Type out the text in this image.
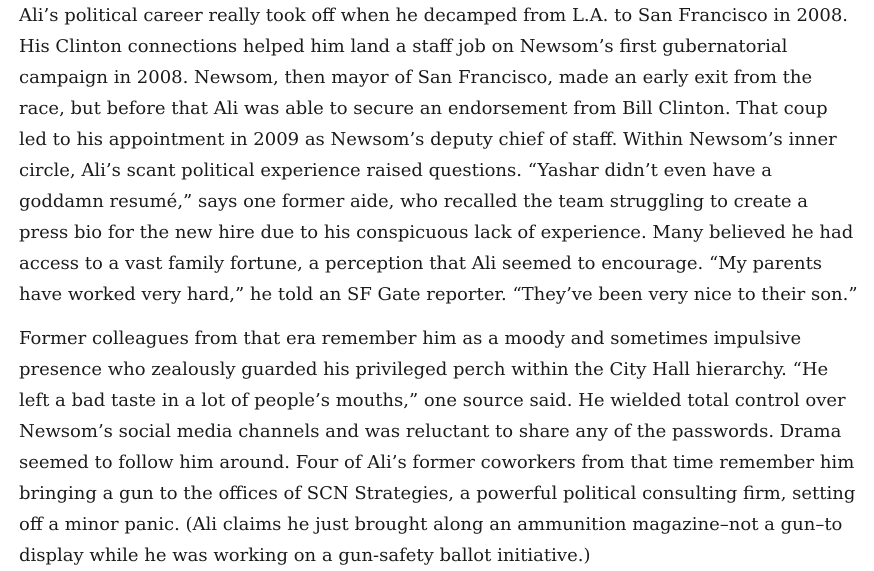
Ali’s political career really took off when he decamped from L.A. to San Francisco in 2008. His Clinton connections helped him land a staff job on Newsom’s first gubernatorial campaign in 2008. Newsom, then mayor of San Francisco, made an early exit from the race, but before that Ali was able to secure an endorsement from Bill Clinton. That coup led to his appointment in 2009 as Newsom’s deputy chief of staff. Within Newsom’s inner circle, Ali’s scant political experience raised questions. “Yashar didn’t even have a goddamn resumé,” says one former aide, who recalled the team struggling to create a press bio for the new hire due to his conspicuous lack of experience. Many believed he had access to a vast family fortune, a perception that Ali seemed to encourage. “My parents have worked very hard,” he told an SF Gate reporter. “They’ve been very nice to their son.”

Former colleagues from that era remember him as a moody and sometimes impulsive presence who zealously guarded his privileged perch within the City Hall hierarchy. “He left a bad taste in a lot of people’s mouths,” one source said. He wielded total control over Newsom’s social media channels and was reluctant to share any of the passwords. Drama seemed to follow him around. Four of Ali’s former coworkers from that time remember him bringing a gun to the offices of SCN Strategies, a powerful political consulting firm, setting off a minor panic. (Ali claims he just brought along an ammunition magazine–not a gun–to display while he was working on a gun-safety ballot initiative.)
